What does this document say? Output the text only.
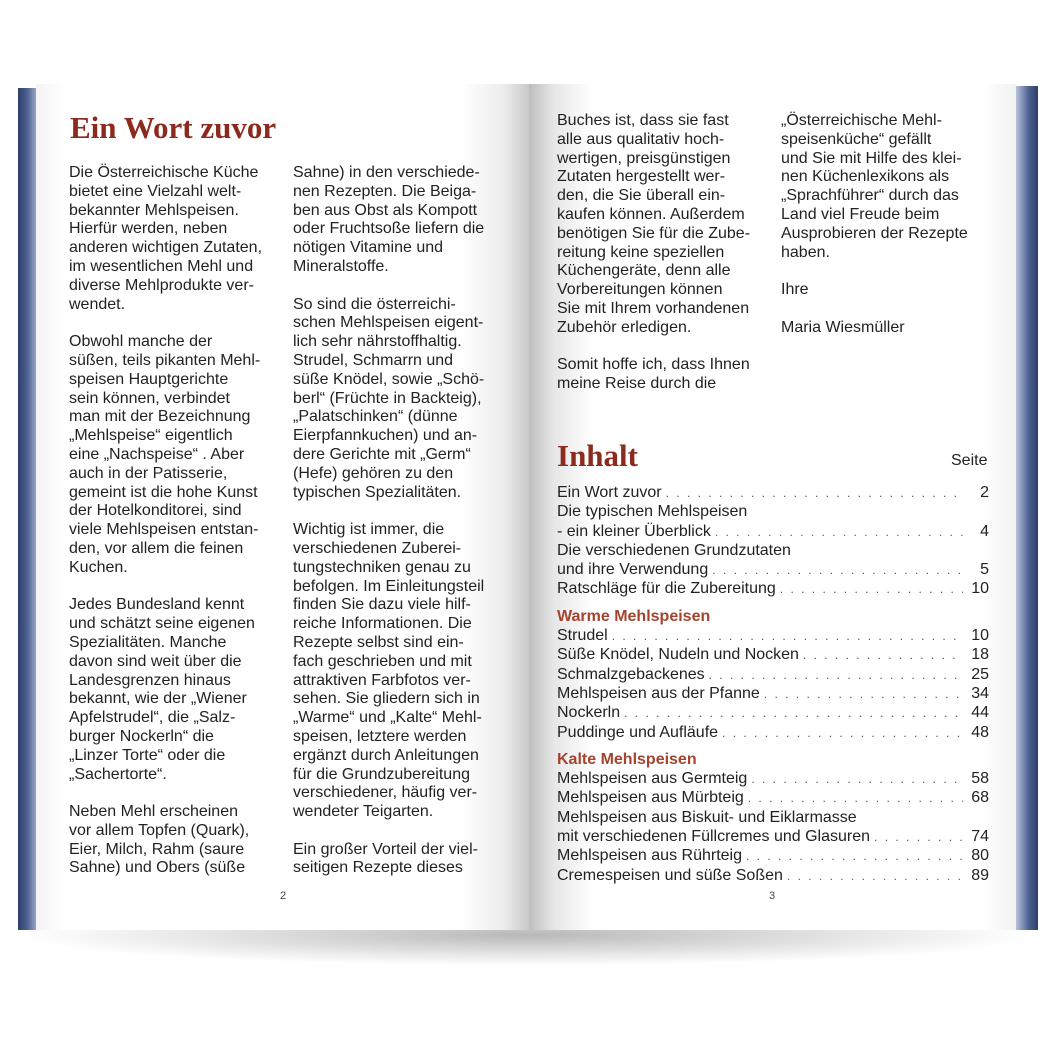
Ein Wort zuvor

Die Österreichische Küche
bietet eine Vielzahl welt-
bekannter Mehlspeisen.
Hierfür werden, neben
anderen wichtigen Zutaten,
im wesentlichen Mehl und
diverse Mehlprodukte ver-
wendet.

Obwohl manche der
süßen, teils pikanten Mehl-
speisen Hauptgerichte
sein können, verbindet
man mit der Bezeichnung
„Mehlspeise“ eigentlich
eine „Nachspeise“ . Aber
auch in der Patisserie,
gemeint ist die hohe Kunst
der Hotelkonditorei, sind
viele Mehlspeisen entstan-
den, vor allem die feinen
Kuchen.

Jedes Bundesland kennt
und schätzt seine eigenen
Spezialitäten. Manche
davon sind weit über die
Landesgrenzen hinaus
bekannt, wie der „Wiener
Apfelstrudel“, die „Salz-
burger Nockerln“ die
„Linzer Torte“ oder die
„Sachertorte“.

Neben Mehl erscheinen
vor allem Topfen (Quark),
Eier, Milch, Rahm (saure
Sahne) und Obers (süße

Sahne) in den verschiede-
nen Rezepten. Die Beiga-
ben aus Obst als Kompott
oder Fruchtsoße liefern die
nötigen Vitamine und
Mineralstoffe.

So sind die österreichi-
schen Mehlspeisen eigent-
lich sehr nährstoffhaltig.
Strudel, Schmarrn und
süße Knödel, sowie „Schö-
berl“ (Früchte in Backteig),
„Palatschinken“ (dünne
Eierpfannkuchen) und an-
dere Gerichte mit „Germ“
(Hefe) gehören zu den
typischen Spezialitäten.

Wichtig ist immer, die
verschiedenen Zuberei-
tungstechniken genau zu
befolgen. Im Einleitungsteil
finden Sie dazu viele hilf-
reiche Informationen. Die
Rezepte selbst sind ein-
fach geschrieben und mit
attraktiven Farbfotos ver-
sehen. Sie gliedern sich in
„Warme“ und „Kalte“ Mehl-
speisen, letztere werden
ergänzt durch Anleitungen
für die Grundzubereitung
verschiedener, häufig ver-
wendeter Teigarten.

Ein großer Vorteil der viel-
seitigen Rezepte dieses

2

Buches ist, dass sie fast
alle aus qualitativ hoch-
wertigen, preisgünstigen
Zutaten hergestellt wer-
den, die Sie überall ein-
kaufen können. Außerdem
benötigen Sie für die Zube-
reitung keine speziellen
Küchengeräte, denn alle
Vorbereitungen können
Sie mit Ihrem vorhandenen
Zubehör erledigen.

Somit hoffe ich, dass Ihnen
meine Reise durch die

„Österreichische Mehl-
speisenküche“ gefällt
und Sie mit Hilfe des klei-
nen Küchenlexikons als
„Sprachführer“ durch das
Land viel Freude beim
Ausprobieren der Rezepte
haben.

Ihre

Maria Wiesmüller

Inhalt	Seite
Ein Wort zuvor . . .	2
Die typischen Mehlspeisen
- ein kleiner Überblick . . .	4
Die verschiedenen Grundzutaten
und ihre Verwendung . . .	5
Ratschläge für die Zubereitung . . .	10
Warme Mehlspeisen
Strudel . . .	10
Süße Knödel, Nudeln und Nocken . . .	18
Schmalzgebackenes . . .	25
Mehlspeisen aus der Pfanne . . .	34
Nockerln . . .	44
Puddinge und Aufläufe . . .	48
Kalte Mehlspeisen
Mehlspeisen aus Germteig . . .	58
Mehlspeisen aus Mürbteig . . .	68
Mehlspeisen aus Biskuit- und Eiklarmasse
mit verschiedenen Füllcremes und Glasuren . . .	74
Mehlspeisen aus Rührteig . . .	80
Cremespeisen und süße Soßen . . .	89
3
